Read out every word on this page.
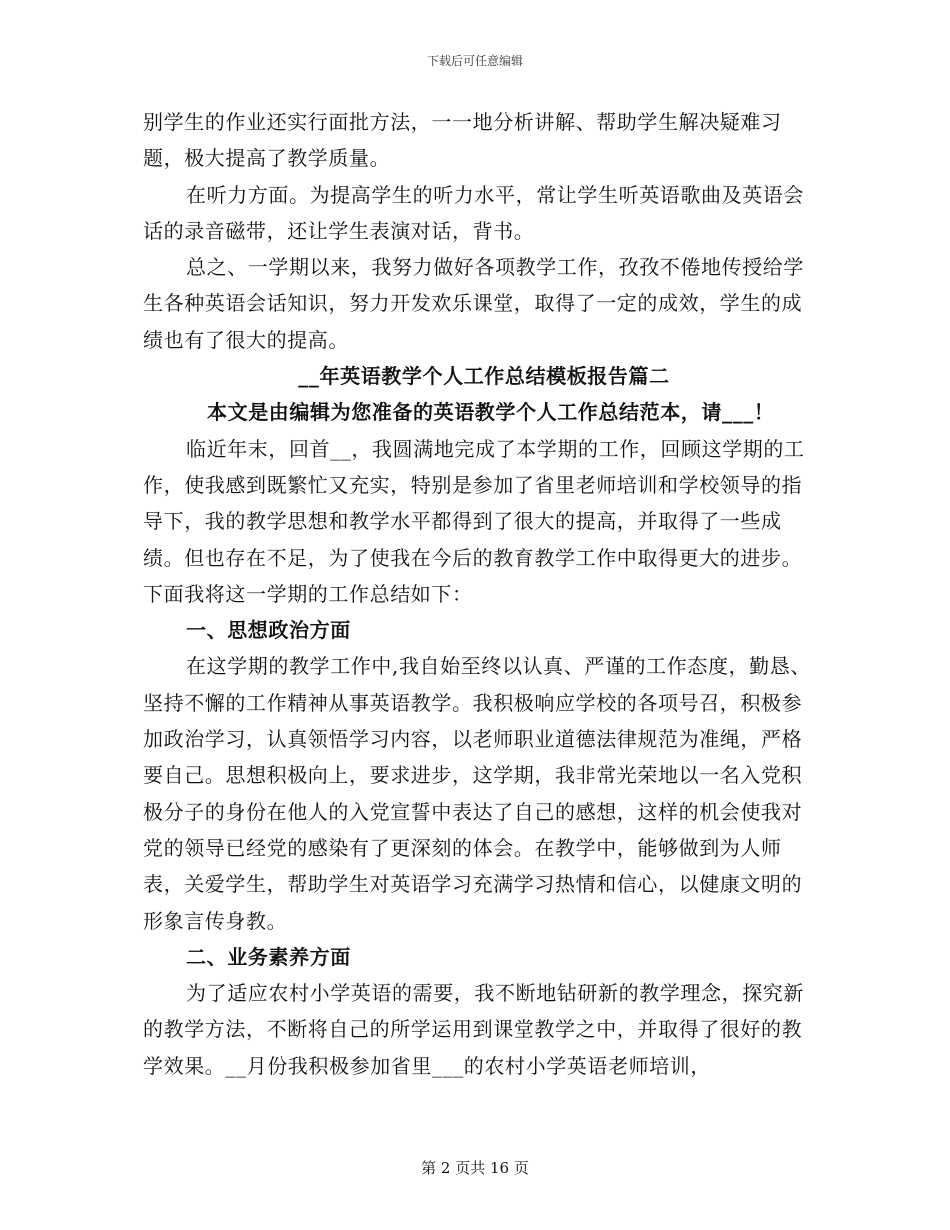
下载后可任意编辑

别学生的作业还实行面批方法，一一地分析讲解、帮助学生解决疑难习题，极大提高了教学质量。

在听力方面。为提高学生的听力水平，常让学生听英语歌曲及英语会话的录音磁带，还让学生表演对话，背书。

总之、一学期以来，我努力做好各项教学工作，孜孜不倦地传授给学生各种英语会话知识，努力开发欢乐课堂，取得了一定的成效，学生的成绩也有了很大的提高。

__年英语教学个人工作总结模板报告篇二

本文是由编辑为您准备的英语教学个人工作总结范本，请___！

临近年末，回首__，我圆满地完成了本学期的工作，回顾这学期的工作，使我感到既繁忙又充实，特别是参加了省里老师培训和学校领导的指导下，我的教学思想和教学水平都得到了很大的提高，并取得了一些成绩。但也存在不足，为了使我在今后的教育教学工作中取得更大的进步。下面我将这一学期的工作总结如下：

一、思想政治方面

在这学期的教学工作中,我自始至终以认真、严谨的工作态度，勤恳、坚持不懈的工作精神从事英语教学。我积极响应学校的各项号召，积极参加政治学习，认真领悟学习内容，以老师职业道德法律规范为准绳，严格要自己。思想积极向上，要求进步，这学期，我非常光荣地以一名入党积极分子的身份在他人的入党宣誓中表达了自己的感想，这样的机会使我对党的领导已经党的感染有了更深刻的体会。在教学中，能够做到为人师表，关爱学生，帮助学生对英语学习充满学习热情和信心，以健康文明的形象言传身教。

二、业务素养方面

为了适应农村小学英语的需要，我不断地钻研新的教学理念，探究新的教学方法，不断将自己的所学运用到课堂教学之中，并取得了很好的教学效果。__月份我积极参加省里___的农村小学英语老师培训，

第 2 页共 16 页
